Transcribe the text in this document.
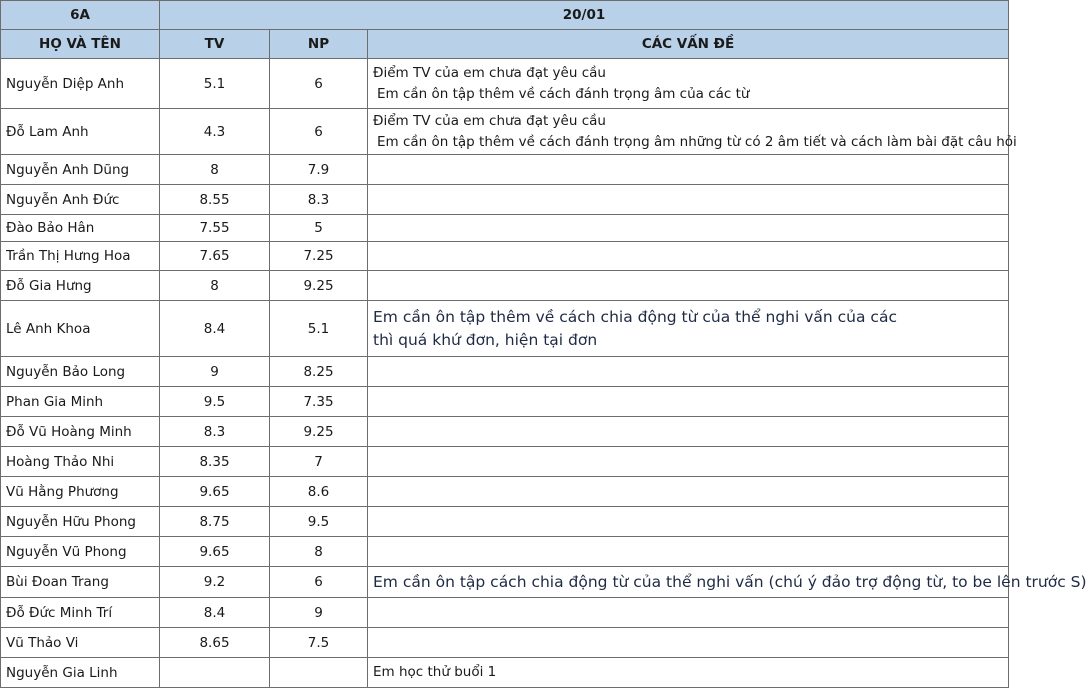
6A	20/01		
HỌ VÀ TÊN	TV	NP	CÁC VẤN ĐỀ
Nguyễn Diệp Anh	5.1	6	Điểm TV của em chưa đạt yêu cầu
Em cần ôn tập thêm về cách đánh trọng âm của các từ

Đỗ Lam Anh	4.3	6	Điểm TV của em chưa đạt yêu cầu
Em cần ôn tập thêm về cách đánh trọng âm những từ có 2 âm tiết và cách làm bài đặt câu hỏi

Nguyễn Anh Dũng	8	7.9	
Nguyễn Anh Đức	8.55	8.3	
Đào Bảo Hân	7.55	5	
Trần Thị Hưng Hoa	7.65	7.25	
Đỗ Gia Hưng	8	9.25	
Lê Anh Khoa	8.4	5.1	Em cần ôn tập thêm về cách chia động từ của thể nghi vấn của các
thì quá khứ đơn, hiện tại đơn

Nguyễn Bảo Long	9	8.25	
Phan Gia Minh	9.5	7.35	
Đỗ Vũ Hoàng Minh	8.3	9.25	
Hoàng Thảo Nhi	8.35	7	
Vũ Hằng Phương	9.65	8.6	
Nguyễn Hữu Phong	8.75	9.5	
Nguyễn Vũ Phong	9.65	8	
Bùi Đoan Trang	9.2	6	Em cần ôn tập cách chia động từ của thể nghi vấn (chú ý đảo trợ động từ, to be lên trước S)

Đỗ Đức Minh Trí	8.4	9	
Vũ Thảo Vi	8.65	7.5	
Nguyễn Gia Linh			Em học thử buổi 1
